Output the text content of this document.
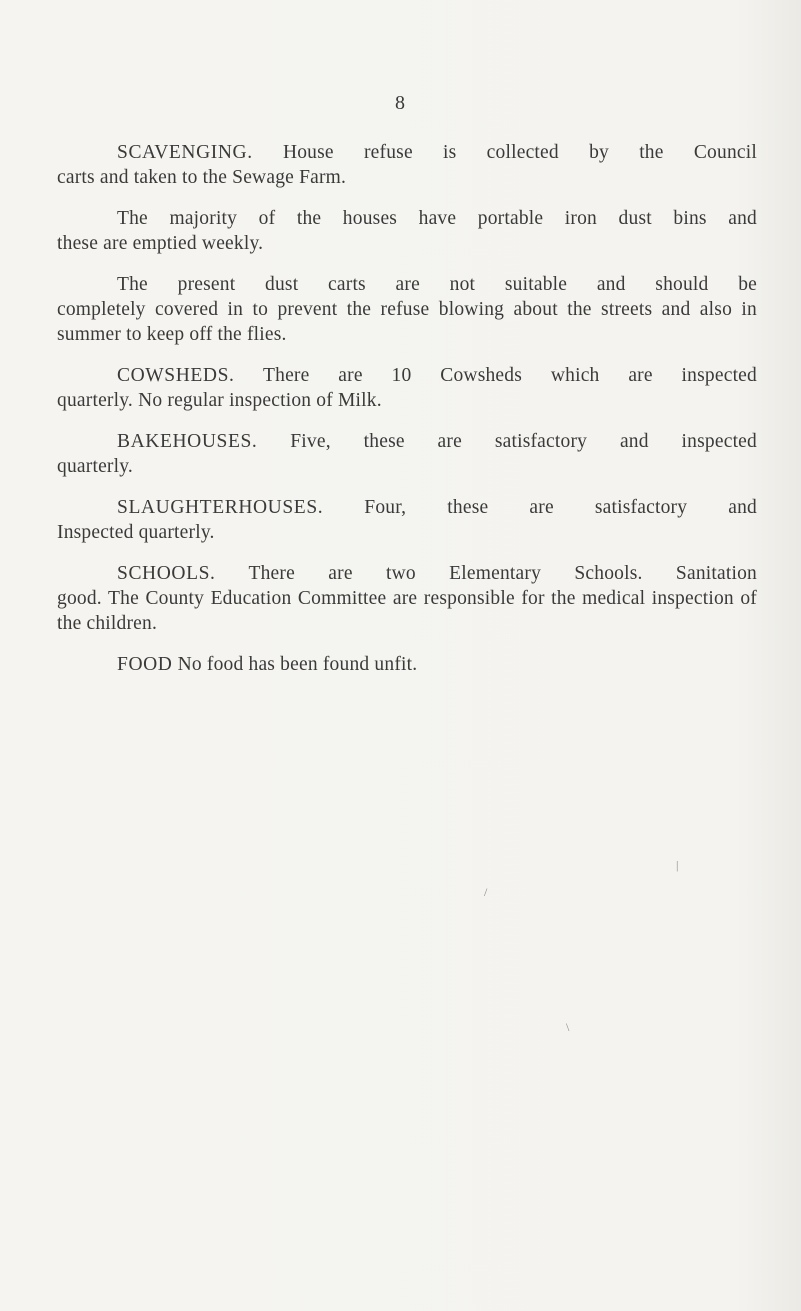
8
SCAVENGING. House refuse is collected by the Council
carts and taken to the Sewage Farm.
The majority of the houses have portable iron dust bins and
these are emptied weekly.
The present dust carts are not suitable and should be
completely covered in to prevent the refuse blowing about the streets and also in summer to keep off the flies.
COWSHEDS. There are 10 Cowsheds which are inspected
quarterly. No regular inspection of Milk.
BAKEHOUSES. Five, these are satisfactory and inspected
quarterly.
SLAUGHTERHOUSES. Four, these are satisfactory and
Inspected quarterly.
SCHOOLS. There are two Elementary Schools. Sanitation
good. The County Education Committee are responsible for the medical inspection of the children.
FOOD No food has been found unfit.
|
/
\
